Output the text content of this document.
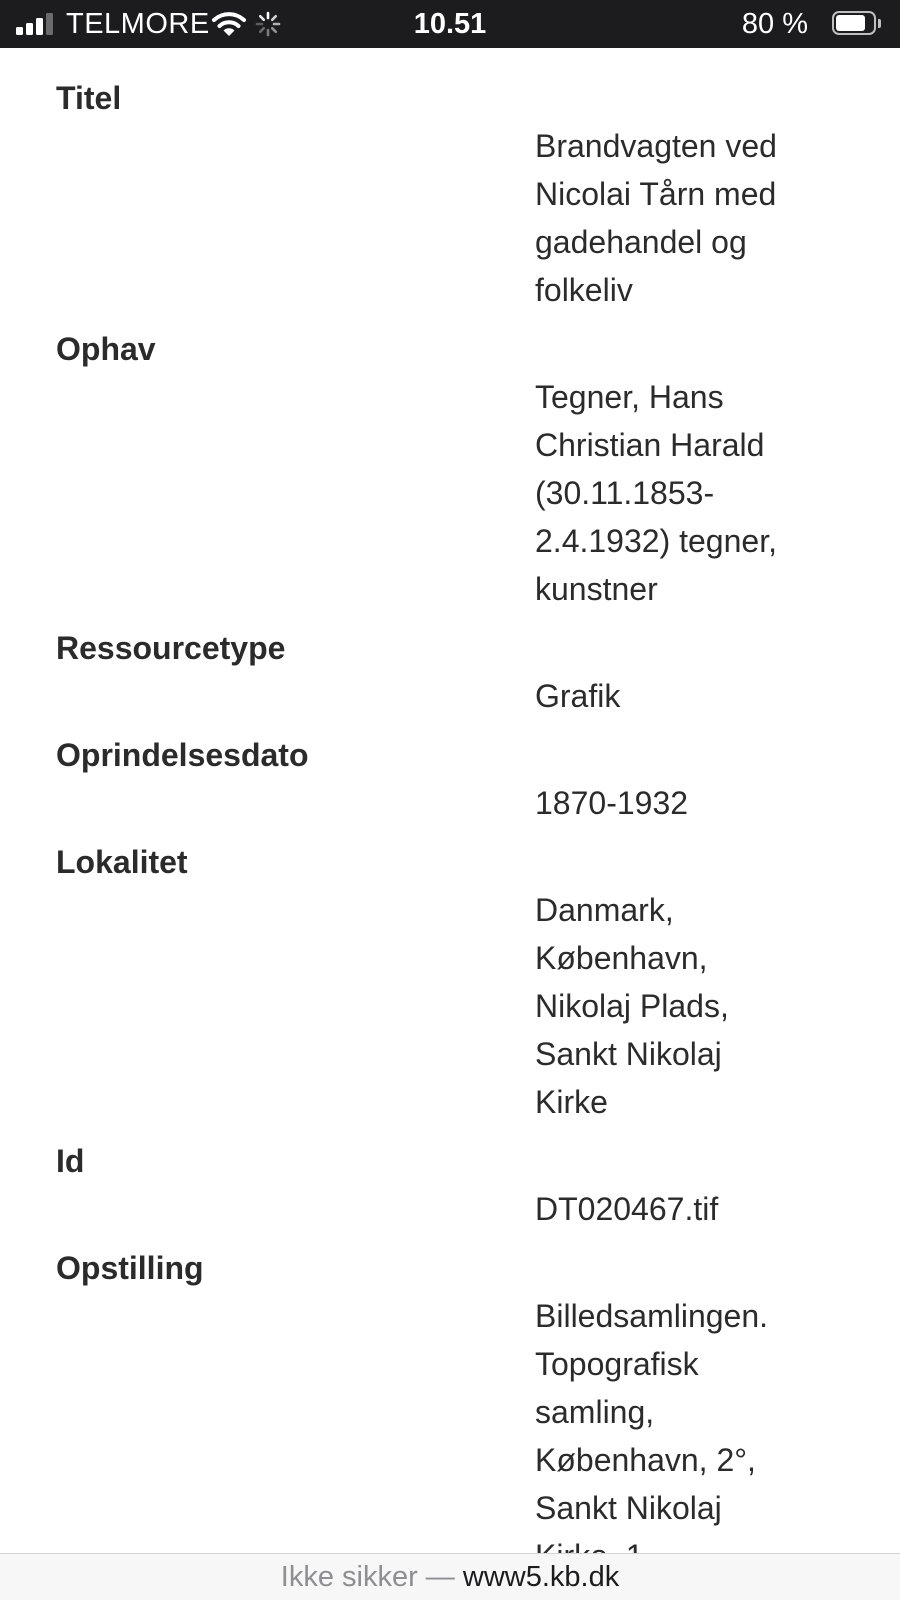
TELMORE	10.51	80 %
Titel
Brandvagten ved
Nicolai Tårn med
gadehandel og
folkeliv
Ophav
Tegner, Hans
Christian Harald
(30.11.1853-
2.4.1932) tegner,
kunstner
Ressourcetype
Grafik
Oprindelsesdato
1870-1932
Lokalitet
Danmark,
København,
Nikolaj Plads,
Sankt Nikolaj
Kirke
Id
DT020467.tif
Opstilling
Billedsamlingen.
Topografisk
samling,
København, 2°,
Sankt Nikolaj

Ikke sikker — www5.kb.dk
